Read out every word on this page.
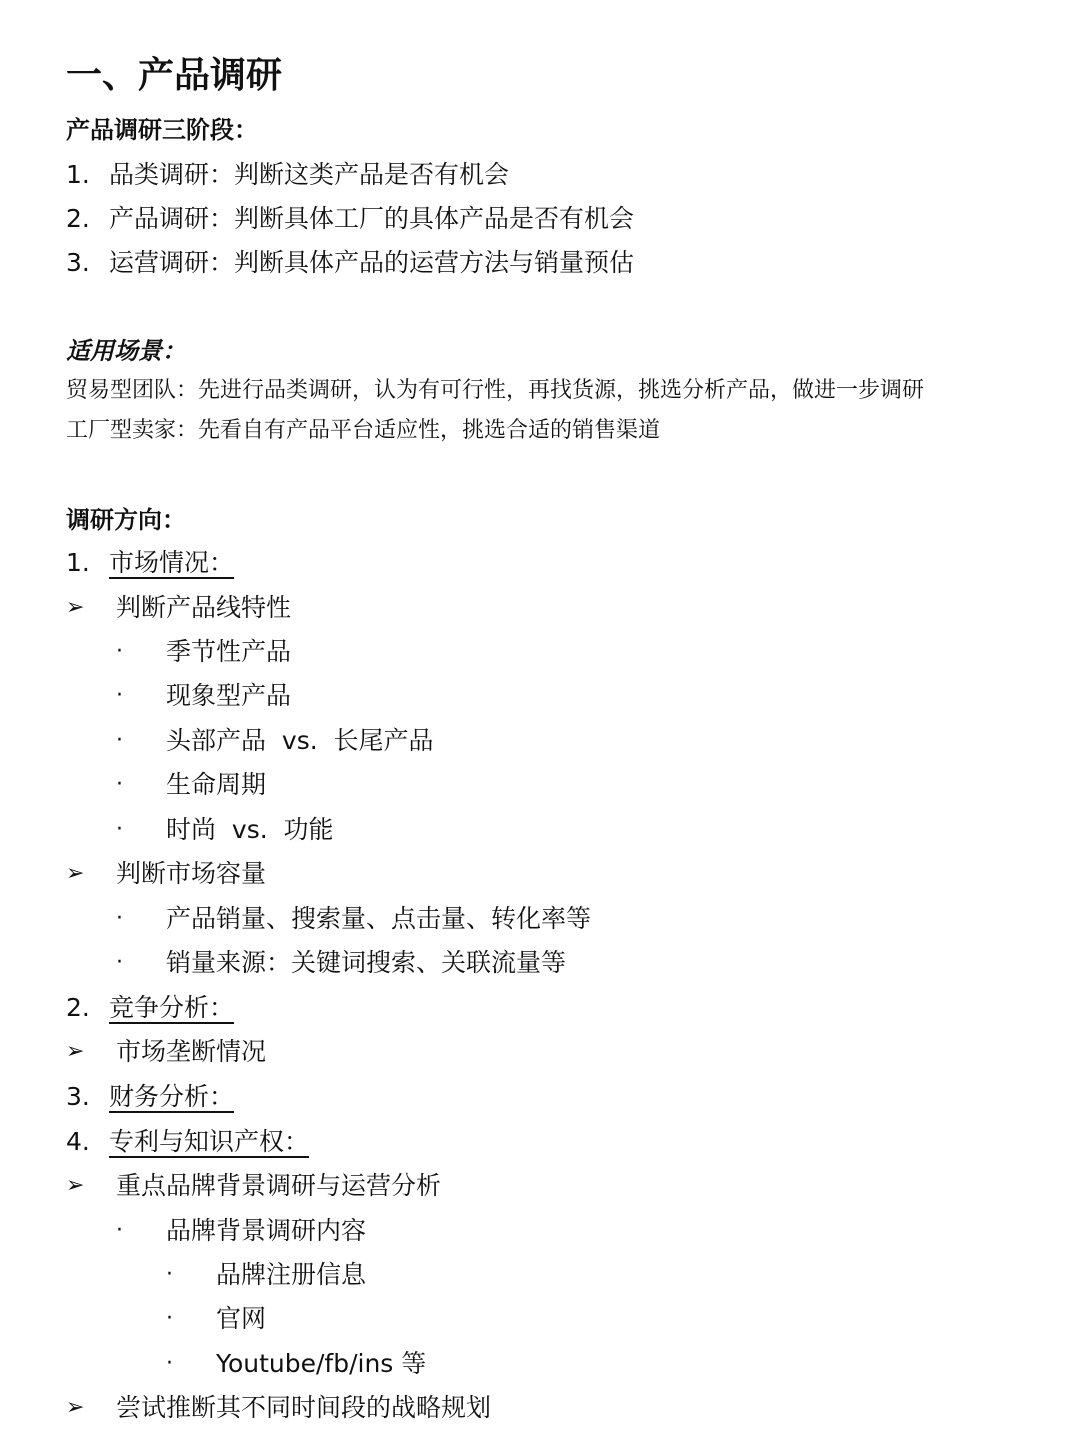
一、产品调研
产品调研三阶段：
1. 品类调研：判断这类产品是否有机会
2. 产品调研：判断具体工厂的具体产品是否有机会
3. 运营调研：判断具体产品的运营方法与销量预估
适用场景：
贸易型团队：先进行品类调研，认为有可行性，再找货源，挑选分析产品，做进一步调研
工厂型卖家：先看自有产品平台适应性，挑选合适的销售渠道
调研方向：
1. 市场情况：
➢ 判断产品线特性
· 季节性产品
· 现象型产品
· 头部产品  vs.  长尾产品
· 生命周期
· 时尚  vs.  功能
➢ 判断市场容量
· 产品销量、搜索量、点击量、转化率等
· 销量来源：关键词搜索、关联流量等
2. 竞争分析：
➢ 市场垄断情况
3. 财务分析：
4. 专利与知识产权：
➢ 重点品牌背景调研与运营分析
· 品牌背景调研内容
· 品牌注册信息
· 官网
· Youtube/fb/ins 等
➢ 尝试推断其不同时间段的战略规划
